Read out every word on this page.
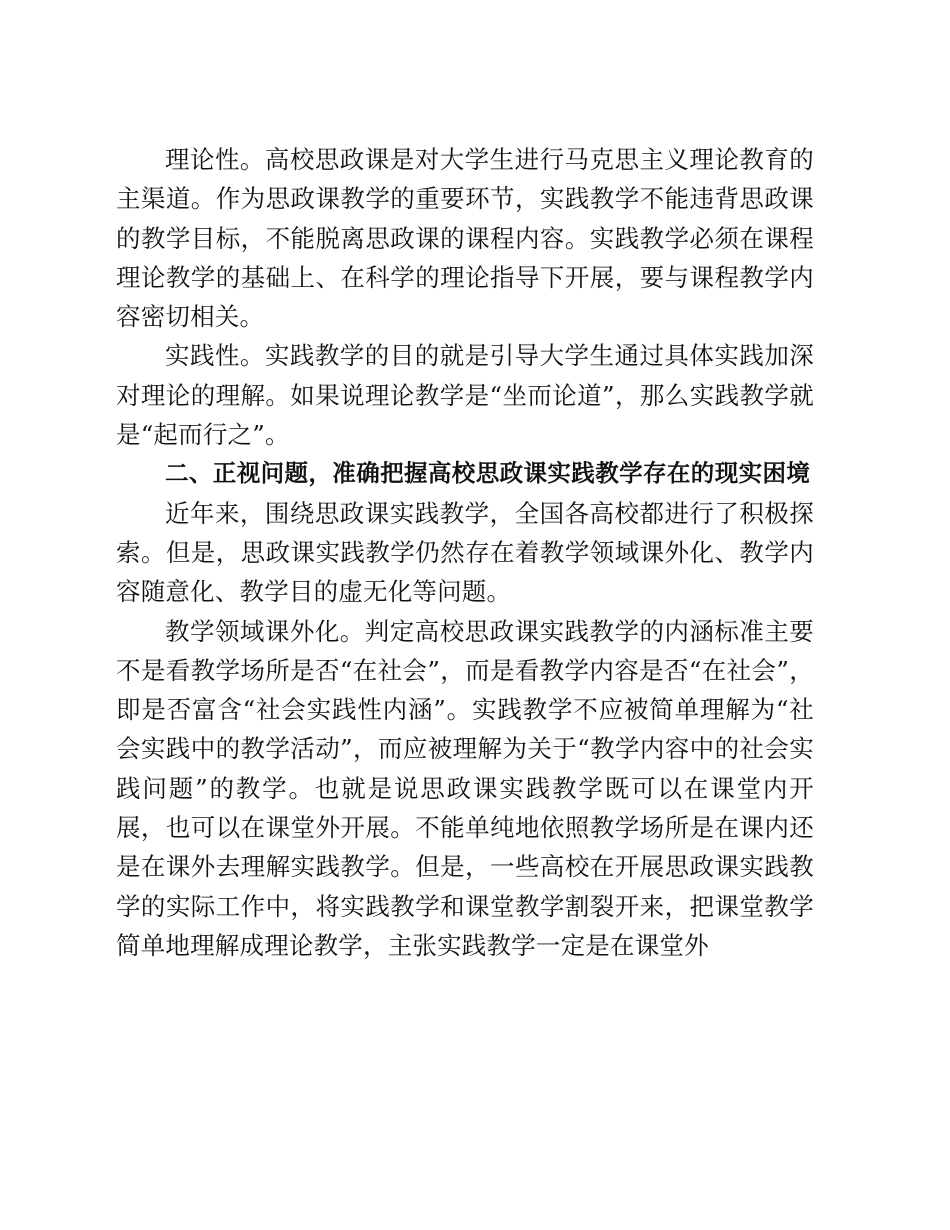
理论性。高校思政课是对大学生进行马克思主义理论教育的主渠道。作为思政课教学的重要环节，实践教学不能违背思政课的教学目标，不能脱离思政课的课程内容。实践教学必须在课程理论教学的基础上、在科学的理论指导下开展，要与课程教学内容密切相关。

实践性。实践教学的目的就是引导大学生通过具体实践加深对理论的理解。如果说理论教学是“坐而论道”，那么实践教学就是“起而行之”。

二、正视问题，准确把握高校思政课实践教学存在的现实困境

近年来，围绕思政课实践教学，全国各高校都进行了积极探索。但是，思政课实践教学仍然存在着教学领域课外化、教学内容随意化、教学目的虚无化等问题。

教学领域课外化。判定高校思政课实践教学的内涵标准主要不是看教学场所是否“在社会”，而是看教学内容是否“在社会”，即是否富含“社会实践性内涵”。实践教学不应被简单理解为“社会实践中的教学活动”，而应被理解为关于“教学内容中的社会实践问题”的教学。也就是说思政课实践教学既可以在课堂内开展，也可以在课堂外开展。不能单纯地依照教学场所是在课内还是在课外去理解实践教学。但是，一些高校在开展思政课实践教学的实际工作中，将实践教学和课堂教学割裂开来，把课堂教学简单地理解成理论教学，主张实践教学一定是在课堂外
